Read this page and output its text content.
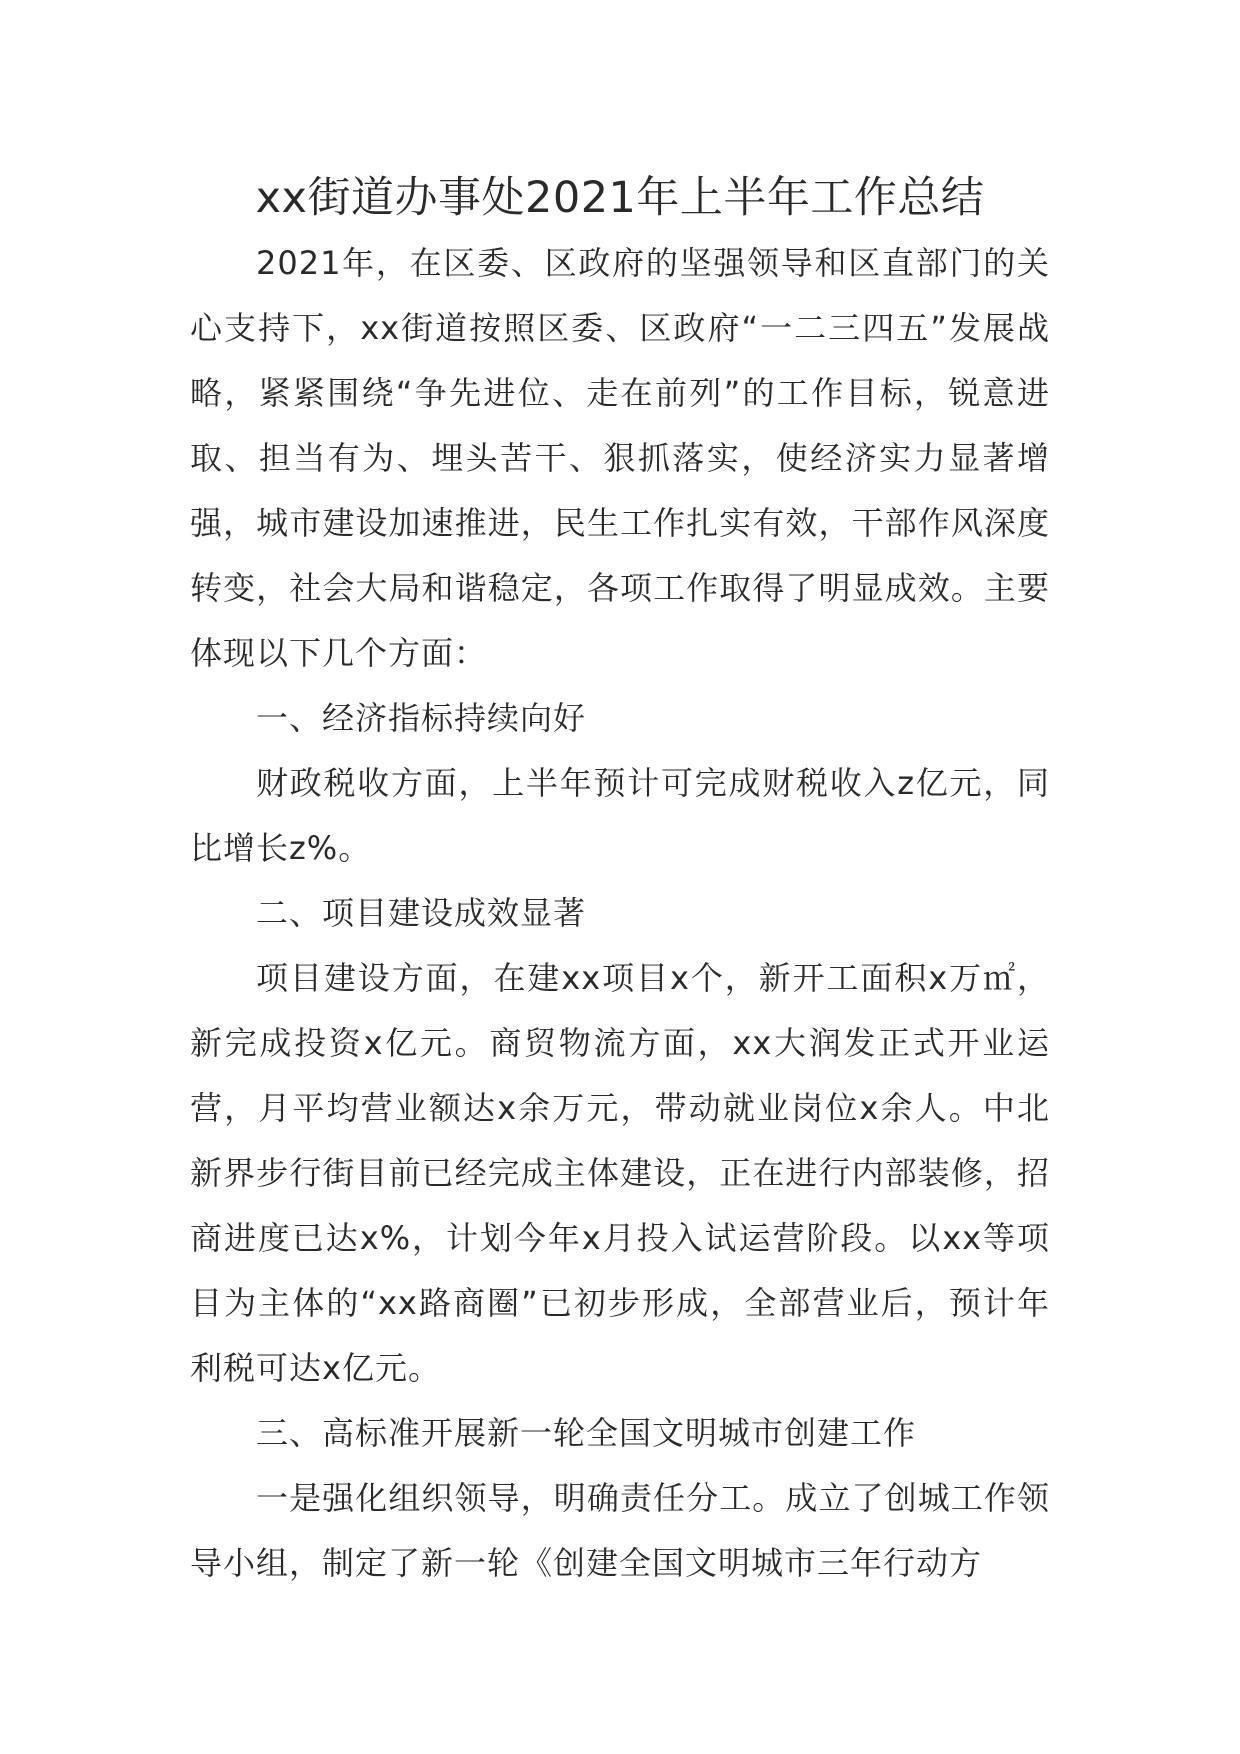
xx街道办事处2021年上半年工作总结

2021年，在区委、区政府的坚强领导和区直部门的关心支持下，xx街道按照区委、区政府“一二三四五”发展战略，紧紧围绕“争先进位、走在前列”的工作目标，锐意进取、担当有为、埋头苦干、狠抓落实，使经济实力显著增强，城市建设加速推进，民生工作扎实有效，干部作风深度转变，社会大局和谐稳定，各项工作取得了明显成效。主要体现以下几个方面：

一、经济指标持续向好

财政税收方面，上半年预计可完成财税收入z亿元，同比增长z%。

二、项目建设成效显著

项目建设方面，在建xx项目x个，新开工面积x万㎡，新完成投资x亿元。商贸物流方面，xx大润发正式开业运营，月平均营业额达x余万元，带动就业岗位x余人。中北新界步行街目前已经完成主体建设，正在进行内部装修，招商进度已达x%，计划今年x月投入试运营阶段。以xx等项目为主体的“xx路商圈”已初步形成，全部营业后，预计年利税可达x亿元。

三、高标准开展新一轮全国文明城市创建工作

一是强化组织领导，明确责任分工。成立了创城工作领导小组，制定了新一轮《创建全国文明城市三年行动方
